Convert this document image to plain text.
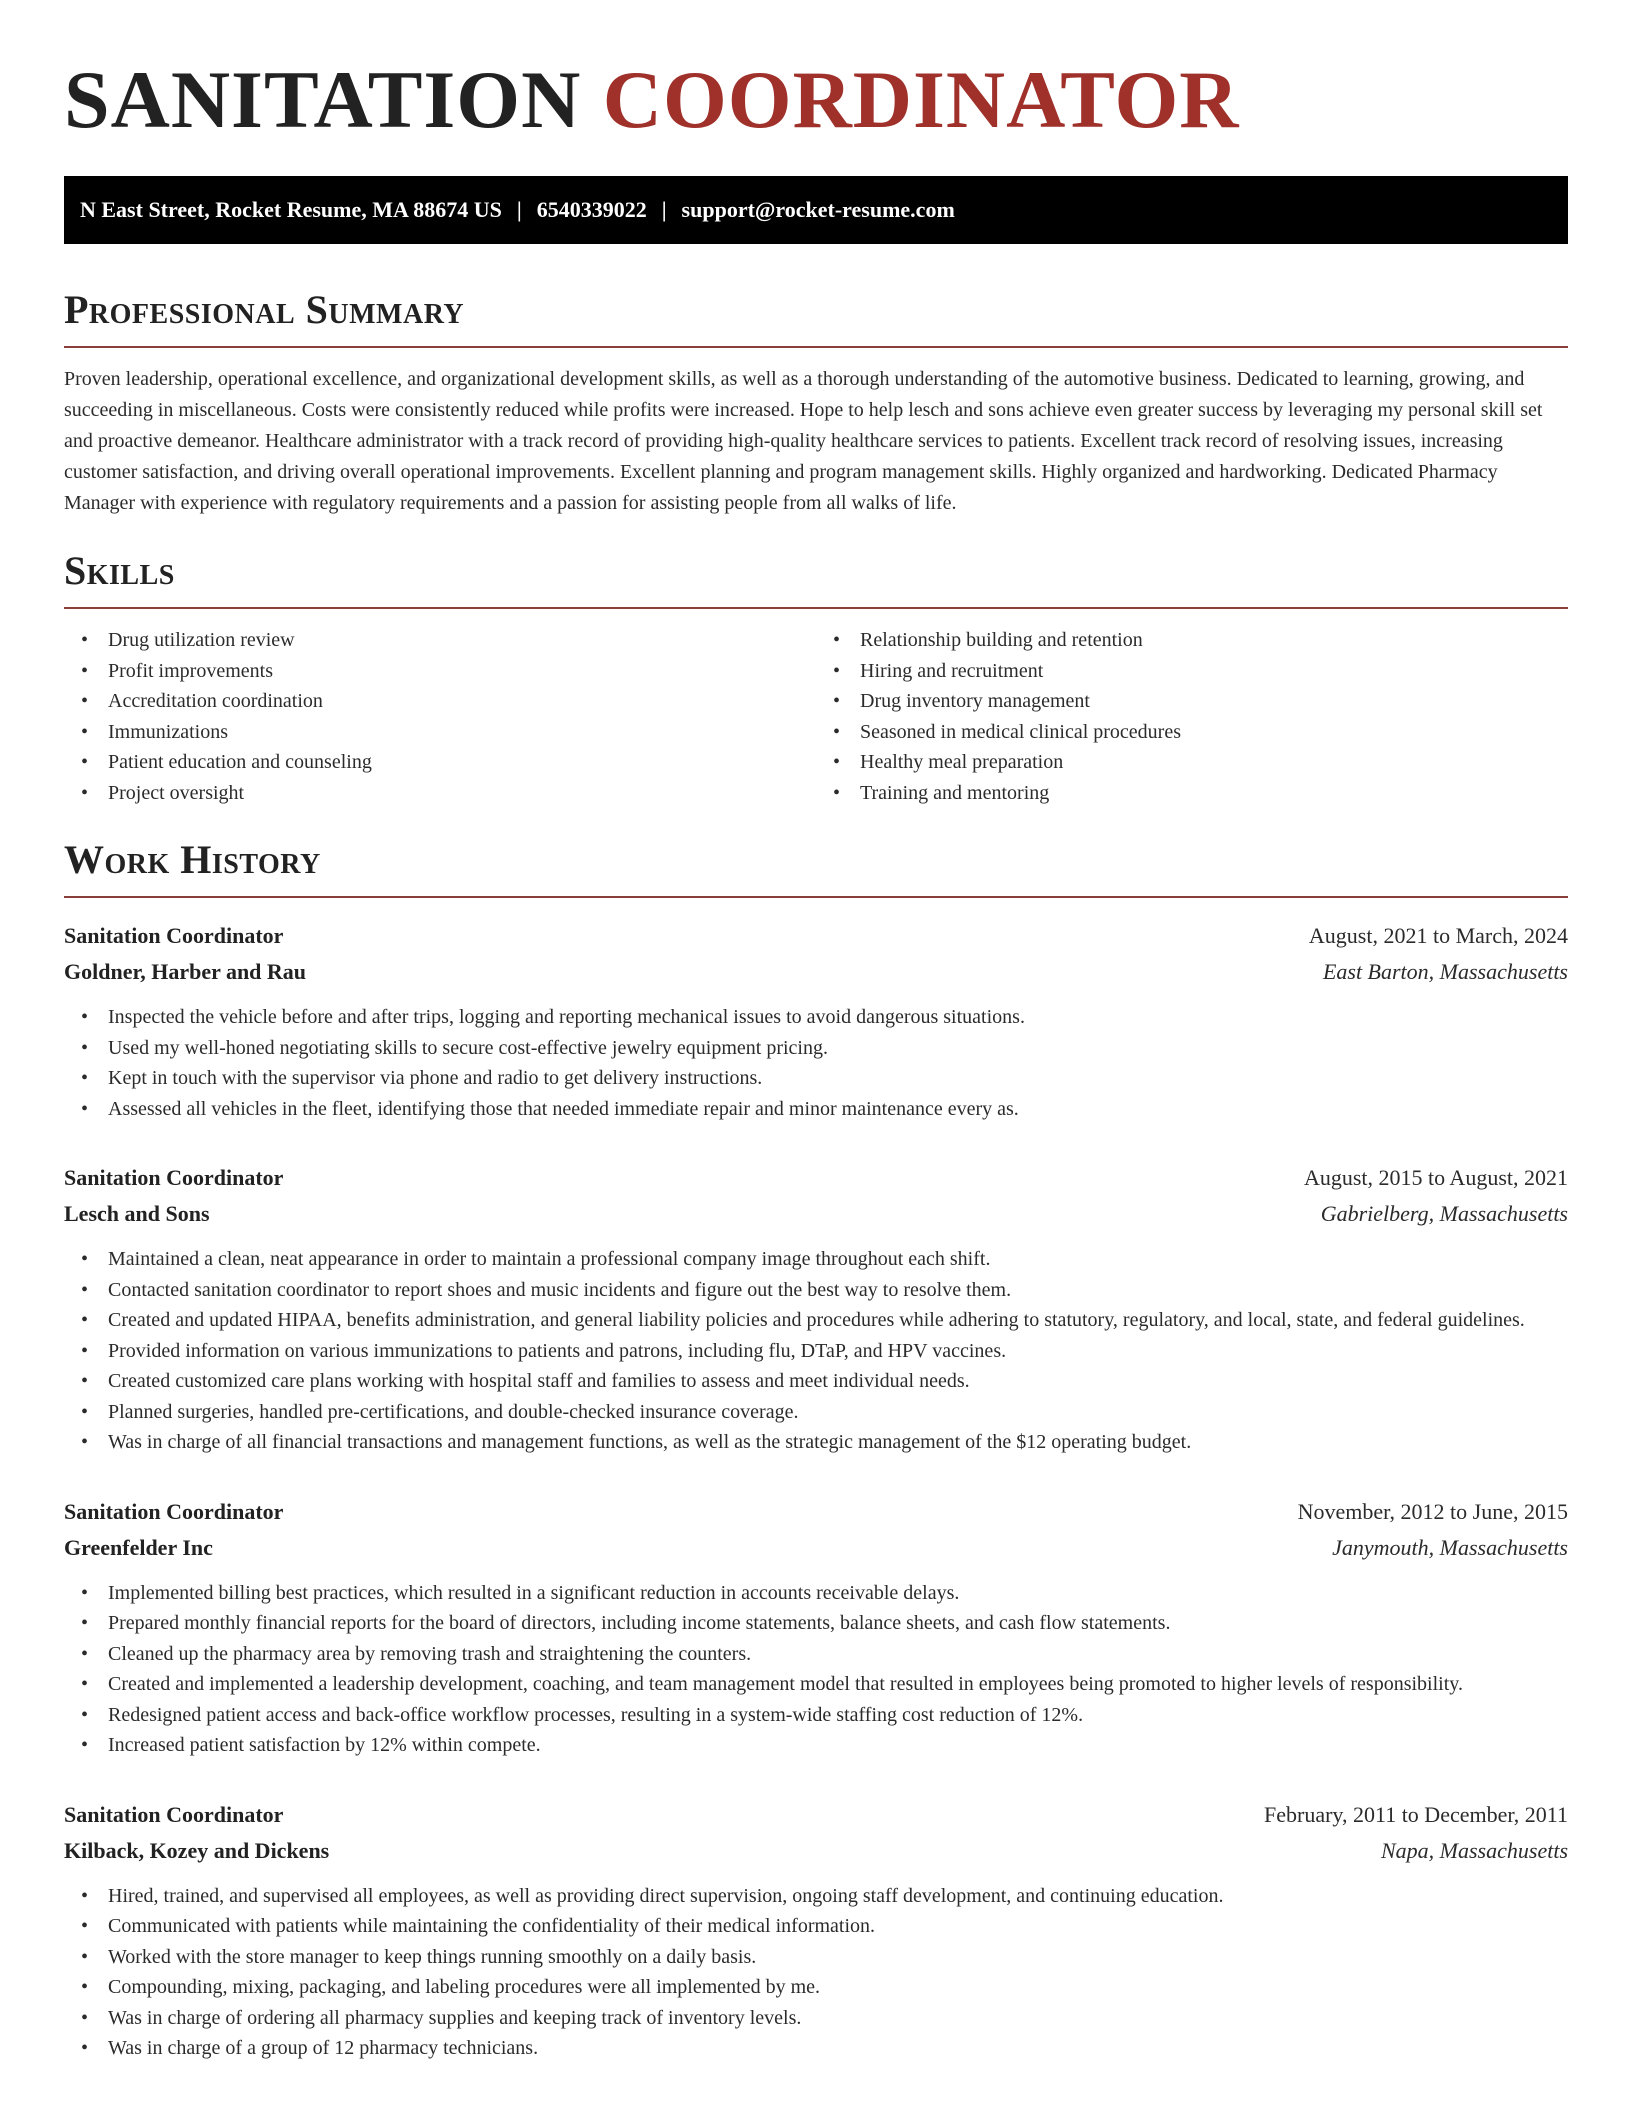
SANITATION COORDINATOR
N East Street, Rocket Resume, MA 88674 US | 6540339022 | support@rocket-resume.com
Professional Summary

Proven leadership, operational excellence, and organizational development skills, as well as a thorough understanding of the automotive business. Dedicated to learning, growing, and succeeding in miscellaneous. Costs were consistently reduced while profits were increased. Hope to help lesch and sons achieve even greater success by leveraging my personal skill set and proactive demeanor. Healthcare administrator with a track record of providing high-quality healthcare services to patients. Excellent track record of resolving issues, increasing customer satisfaction, and driving overall operational improvements. Excellent planning and program management skills. Highly organized and hardworking. Dedicated Pharmacy Manager with experience with regulatory requirements and a passion for assisting people from all walks of life.

Skills
• Drug utilization review
• Profit improvements
• Accreditation coordination
• Immunizations
• Patient education and counseling
• Project oversight
• Relationship building and retention
• Hiring and recruitment
• Drug inventory management
• Seasoned in medical clinical procedures
• Healthy meal preparation
• Training and mentoring
Work History
Sanitation Coordinator	August, 2021 to March, 2024
Goldner, Harber and Rau	East Barton, Massachusetts
• Inspected the vehicle before and after trips, logging and reporting mechanical issues to avoid dangerous situations.
• Used my well-honed negotiating skills to secure cost-effective jewelry equipment pricing.
• Kept in touch with the supervisor via phone and radio to get delivery instructions.
• Assessed all vehicles in the fleet, identifying those that needed immediate repair and minor maintenance every as.
Sanitation Coordinator	August, 2015 to August, 2021
Lesch and Sons	Gabrielberg, Massachusetts
• Maintained a clean, neat appearance in order to maintain a professional company image throughout each shift.
• Contacted sanitation coordinator to report shoes and music incidents and figure out the best way to resolve them.
• Created and updated HIPAA, benefits administration, and general liability policies and procedures while adhering to statutory, regulatory, and local, state, and federal guidelines.
• Provided information on various immunizations to patients and patrons, including flu, DTaP, and HPV vaccines.
• Created customized care plans working with hospital staff and families to assess and meet individual needs.
• Planned surgeries, handled pre-certifications, and double-checked insurance coverage.
• Was in charge of all financial transactions and management functions, as well as the strategic management of the $12 operating budget.
Sanitation Coordinator	November, 2012 to June, 2015
Greenfelder Inc	Janymouth, Massachusetts
• Implemented billing best practices, which resulted in a significant reduction in accounts receivable delays.
• Prepared monthly financial reports for the board of directors, including income statements, balance sheets, and cash flow statements.
• Cleaned up the pharmacy area by removing trash and straightening the counters.
• Created and implemented a leadership development, coaching, and team management model that resulted in employees being promoted to higher levels of responsibility.
• Redesigned patient access and back-office workflow processes, resulting in a system-wide staffing cost reduction of 12%.
• Increased patient satisfaction by 12% within compete.
Sanitation Coordinator	February, 2011 to December, 2011
Kilback, Kozey and Dickens	Napa, Massachusetts
• Hired, trained, and supervised all employees, as well as providing direct supervision, ongoing staff development, and continuing education.
• Communicated with patients while maintaining the confidentiality of their medical information.
• Worked with the store manager to keep things running smoothly on a daily basis.
• Compounding, mixing, packaging, and labeling procedures were all implemented by me.
• Was in charge of ordering all pharmacy supplies and keeping track of inventory levels.
• Was in charge of a group of 12 pharmacy technicians.
